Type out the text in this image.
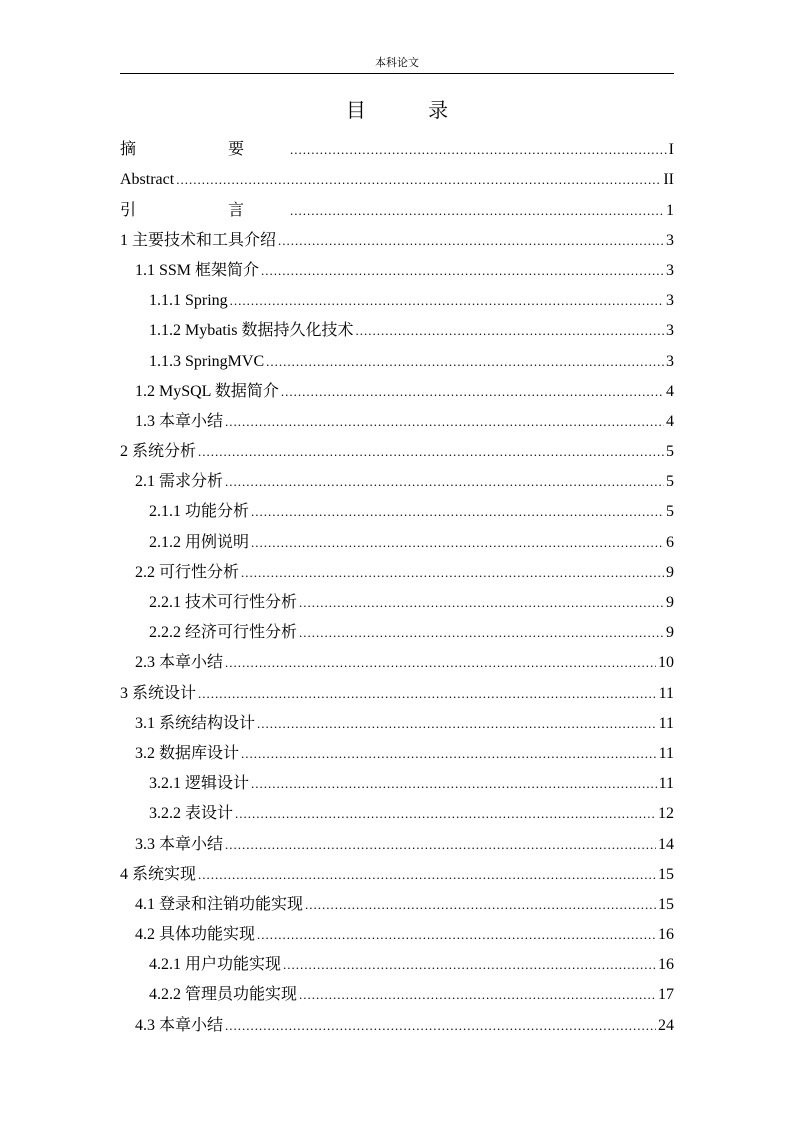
本科论文
目 录
摘 要 .....	I
Abstract .....	II
引 言 .....	1
1 主要技术和工具介绍 .....	3
1.1 SSM 框架简介 .....	3
1.1.1 Spring .....	3
1.1.2 Mybatis 数据持久化技术 .....	3
1.1.3 SpringMVC .....	3
1.2 MySQL 数据简介 .....	4
1.3 本章小结 .....	4
2 系统分析 .....	5
2.1 需求分析 .....	5
2.1.1 功能分析 .....	5
2.1.2 用例说明 .....	6
2.2 可行性分析 .....	9
2.2.1 技术可行性分析 .....	9
2.2.2 经济可行性分析 .....	9
2.3 本章小结 .....	10
3 系统设计 .....	11
3.1 系统结构设计 .....	11
3.2 数据库设计 .....	11
3.2.1 逻辑设计 .....	11
3.2.2 表设计 .....	12
3.3 本章小结 .....	14
4 系统实现 .....	15
4.1 登录和注销功能实现 .....	15
4.2 具体功能实现 .....	16
4.2.1 用户功能实现 .....	16
4.2.2 管理员功能实现 .....	17
4.3 本章小结 .....	24
